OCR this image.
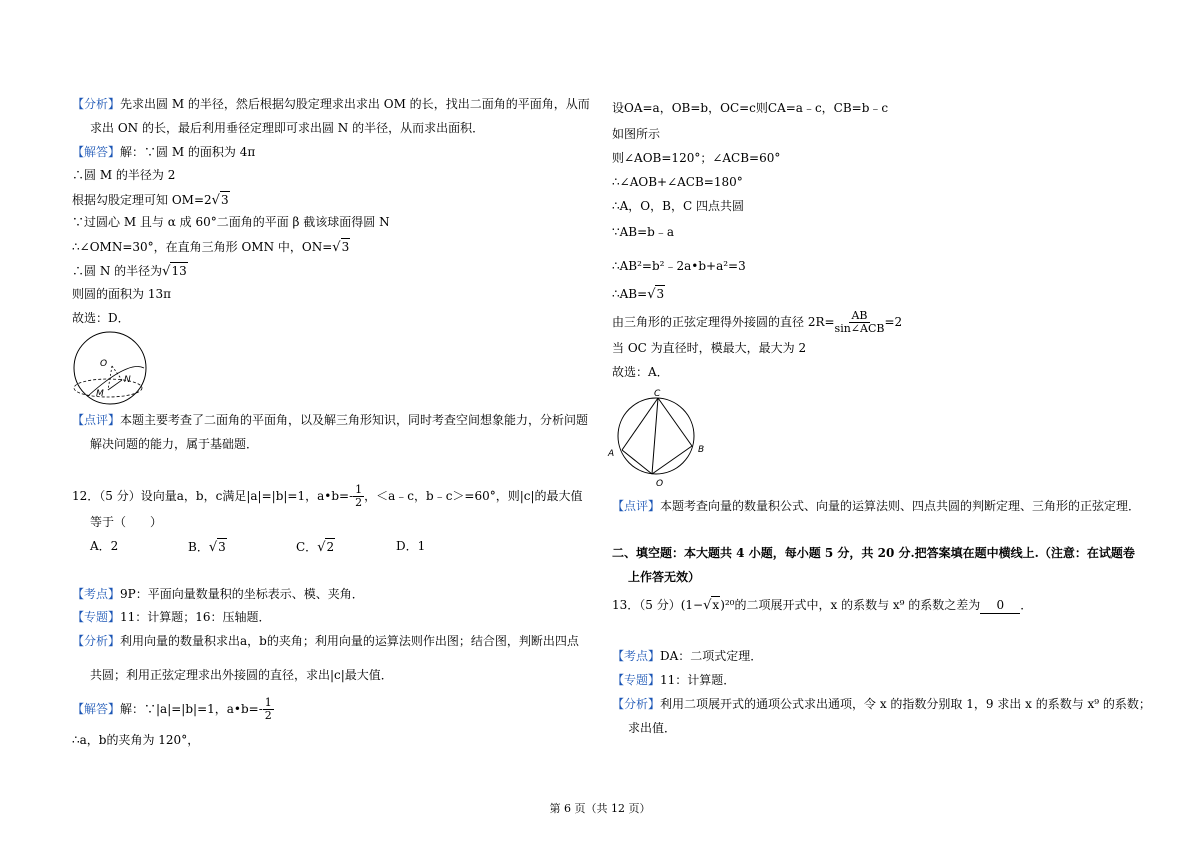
【分析】先求出圆 M 的半径，然后根据勾股定理求出求出 OM 的长，找出二面角的平面角，从而
求出 ON 的长，最后利用垂径定理即可求出圆 N 的半径，从而求出面积．
【解答】解：∵圆 M 的面积为 4π
∴圆 M 的半径为 2
根据勾股定理可知 OM=2√3
∵过圆心 M 且与 α 成 60°二面角的平面 β 截该球面得圆 N
∴∠OMN=30°，在直角三角形 OMN 中，ON=√3
∴圆 N 的半径为√13
则圆的面积为 13π
故选：D．
O
N
M
【点评】本题主要考查了二面角的平面角，以及解三角形知识，同时考查空间想象能力，分析问题
解决问题的能力，属于基础题．
12．（5 分）设向量a，b，c满足|a|=|b|=1，a•b=- $\frac{1}{2}$ ，＜a﹣c，b﹣c＞=60°，则|c|的最大值
等于（　　）
A．2	B．√3	C．√2	D．1
【考点】9P：平面向量数量积的坐标表示、模、夹角．
【专题】11：计算题；16：压轴题．
【分析】利用向量的数量积求出a，b的夹角；利用向量的运算法则作出图；结合图，判断出四点
共圆；利用正弦定理求出外接圆的直径，求出|c|最大值．
【解答】解：∵|a|=|b|=1，a•b=- $\frac{1}{2}$
∴a，b的夹角为 120°，
设OA=a，OB=b，OC=c则CA=a﹣c，CB=b﹣c
如图所示
则∠AOB=120°；∠ACB=60°
∴∠AOB+∠ACB=180°
∴A，O，B，C 四点共圆
∵AB=b﹣a
∴AB²=b²﹣2a•b+a²=3
∴AB=√3
由三角形的正弦定理得外接圆的直径 $2R= \frac{AB}{\text{sin∠ACB}} =2$
当 OC 为直径时，模最大，最大为 2
故选：A．
C
A	B
O
【点评】本题考查向量的数量积公式、向量的运算法则、四点共圆的判断定理、三角形的正弦定理．
二、填空题：本大题共 4 小题，每小题 5 分，共 20 分.把答案填在题中横线上.（注意：在试题卷
上作答无效）
13．（5 分）(1−√x)²⁰的二项展开式中，x 的系数与 x⁹ 的系数之差为 0 ．
【考点】DA：二项式定理．
【专题】11：计算题．
【分析】利用二项展开式的通项公式求出通项，令 x 的指数分别取 1，9 求出 x 的系数与 x⁹ 的系数；
求出值．
第 6 页（共 12 页）
